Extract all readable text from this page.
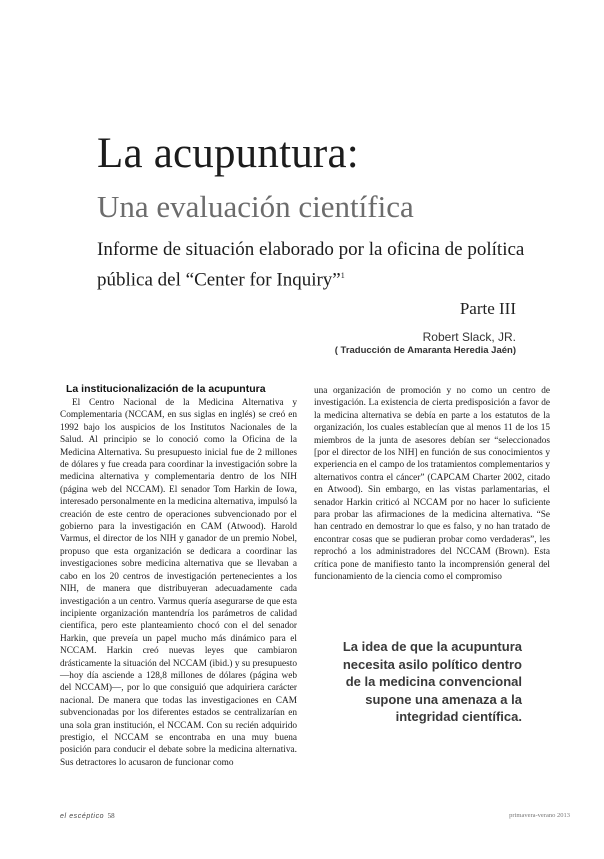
La acupuntura:
Una evaluación científica
Informe de situación elaborado por la oficina de política pública del “Center for Inquiry”$^1$
Parte III
Robert Slack, JR.
( Traducción de Amaranta Heredia Jaén)
La institucionalización de la acupuntura
El Centro Nacional de la Medicina Alternativa y Complementaria (NCCAM, en sus siglas en inglés) se creó en 1992 bajo los auspicios de los Institutos Nacionales de la Salud. Al principio se lo conoció como la Oficina de la Medicina Alternativa. Su presupuesto inicial fue de 2 millones de dólares y fue creada para coordinar la investigación sobre la medicina alternativa y complementaria dentro de los NIH (página web del NCCAM). El senador Tom Harkin de Iowa, interesado personalmente en la medicina alternativa, impulsó la creación de este centro de operaciones subvencionado por el gobierno para la investigación en CAM (Atwood). Harold Varmus, el director de los NIH y ganador de un premio Nobel, propuso que esta organización se dedicara a coordinar las investigaciones sobre medicina alternativa que se llevaban a cabo en los 20 centros de investigación pertenecientes a los NIH, de manera que distribuyeran adecuadamente cada investigación a un centro. Varmus quería asegurarse de que esta incipiente organización mantendría los parámetros de calidad científica, pero este planteamiento chocó con el del senador Harkin, que preveía un papel mucho más dinámico para el NCCAM. Harkin creó nuevas leyes que cambiaron drásticamente la situación del NCCAM (ibid.) y su presupuesto —hoy día asciende a 128,8 millones de dólares (página web del NCCAM)—, por lo que consiguió que adquiriera carácter nacional. De manera que todas las investigaciones en CAM subvencionadas por los diferentes estados se centralizarían en una sola gran institución, el NCCAM. Con su recién adquirido prestigio, el NCCAM se encontraba en una muy buena posición para conducir el debate sobre la medicina alternativa. Sus detractores lo acusaron de funcionar como
una organización de promoción y no como un centro de investigación. La existencia de cierta predisposición a favor de la medicina alternativa se debía en parte a los estatutos de la organización, los cuales establecían que al menos 11 de los 15 miembros de la junta de asesores debían ser “seleccionados [por el director de los NIH] en función de sus conocimientos y experiencia en el campo de los tratamientos complementarios y alternativos contra el cáncer” (CAPCAM Charter 2002, citado en Atwood). Sin embargo, en las vistas parlamentarias, el senador Harkin criticó al NCCAM por no hacer lo suficiente para probar las afirmaciones de la medicina alternativa. “Se han centrado en demostrar lo que es falso, y no han tratado de encontrar cosas que se pudieran probar como verdaderas”, les reprochó a los administradores del NCCAM (Brown). Esta crítica pone de manifiesto tanto la incomprensión general del funcionamiento de la ciencia como el compromiso
La idea de que la acupuntura necesita asilo político dentro de la medicina convencional supone una amenaza a la integridad científica.
el escéptico 58	primavera-verano 2013
